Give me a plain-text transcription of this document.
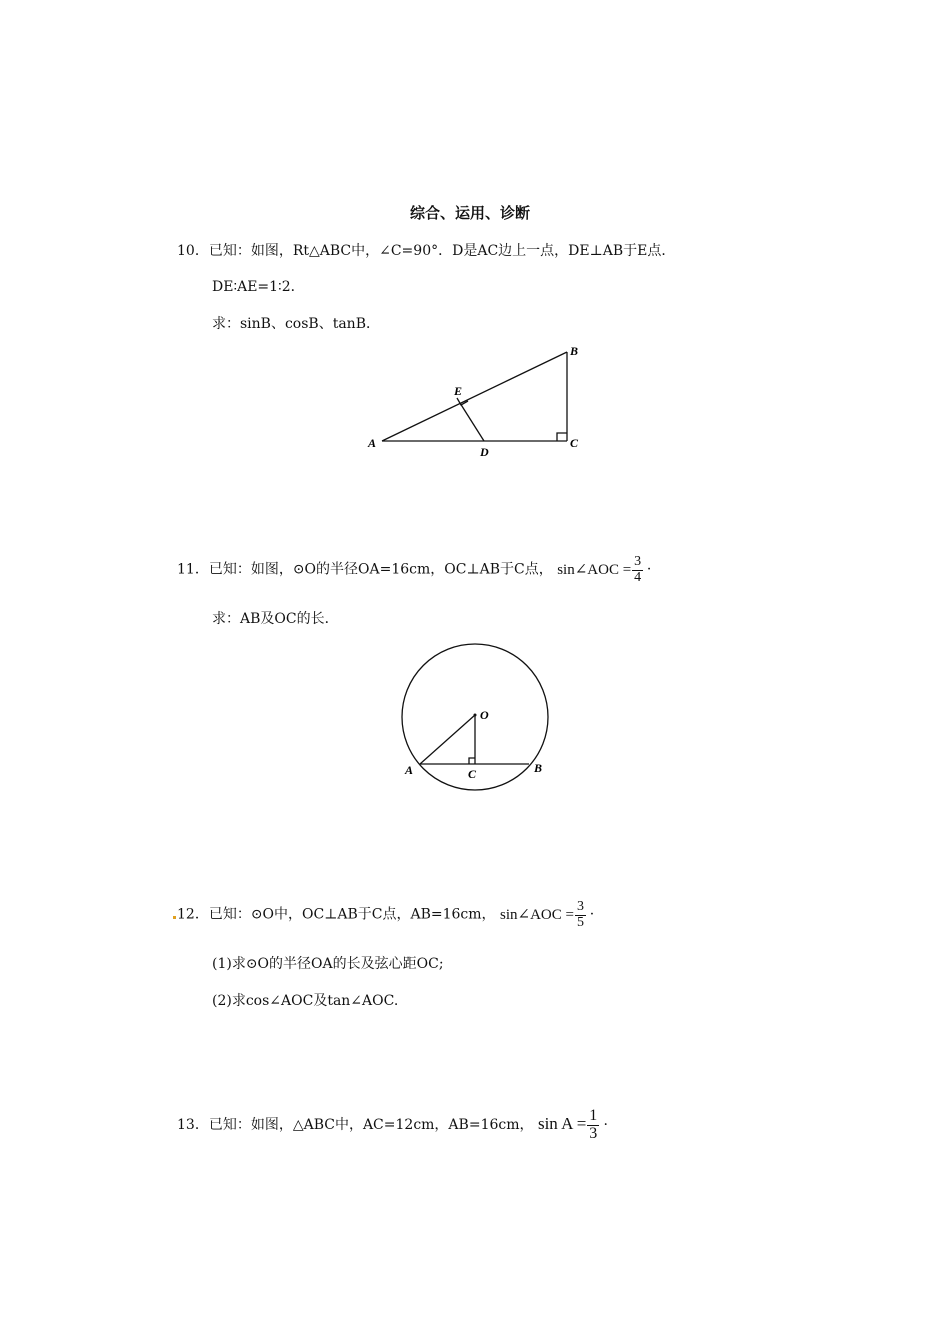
综合、运用、诊断
10．已知：如图，Rt△ABC中，∠C=90°．D是AC边上一点，DE⊥AB于E点．
DE∶AE=1∶2．
求：sinB、cosB、tanB．
A
B
C
D
E
11．已知：如图，⊙O的半径OA=16cm，OC⊥AB于C点， sin∠AOC = $\frac{3}{4}$ ·
求：AB及OC的长．
O
A	C	B
12．已知：⊙O中，OC⊥AB于C点，AB=16cm， sin∠AOC = $\frac{3}{5}$ ·
(1)求⊙O的半径OA的长及弦心距OC;
(2)求cos∠AOC及tan∠AOC.
13．已知：如图，△ABC中，AC=12cm，AB=16cm， $\sin A = \frac{1}{3}$ ·
